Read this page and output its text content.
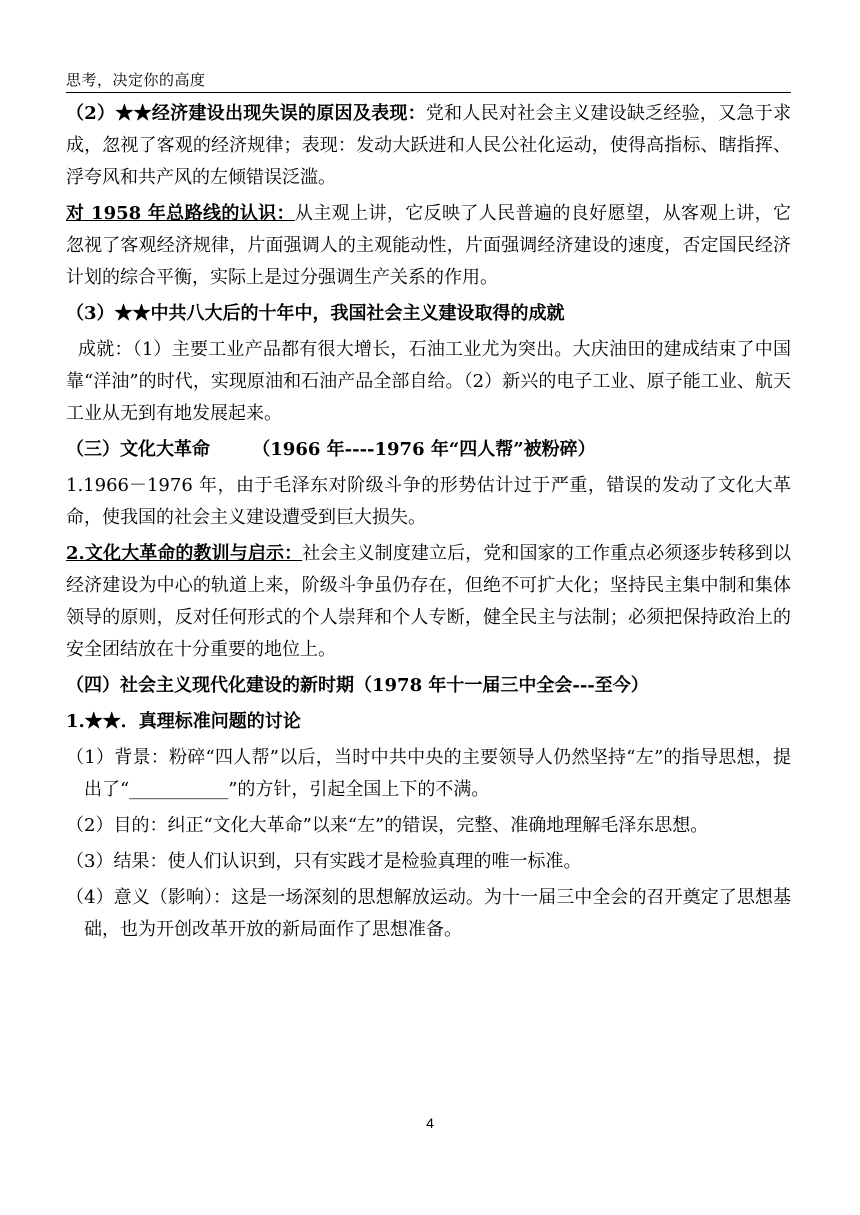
思考，决定你的高度

（2）★★经济建设出现失误的原因及表现：党和人民对社会主义建设缺乏经验，又急于求成，忽视了客观的经济规律；表现：发动大跃进和人民公社化运动，使得高指标、瞎指挥、浮夸风和共产风的左倾错误泛滥。

对 1958 年总路线的认识：从主观上讲，它反映了人民普遍的良好愿望，从客观上讲，它忽视了客观经济规律，片面强调人的主观能动性，片面强调经济建设的速度，否定国民经济计划的综合平衡，实际上是过分强调生产关系的作用。

（3）★★中共八大后的十年中，我国社会主义建设取得的成就

成就：（1）主要工业产品都有很大增长，石油工业尤为突出。大庆油田的建成结束了中国靠“洋油”的时代，实现原油和石油产品全部自给。（2）新兴的电子工业、原子能工业、航天工业从无到有地发展起来。

（三）文化大革命　　 （1966 年----1976 年“四人帮”被粉碎）

1.1966－1976 年，由于毛泽东对阶级斗争的形势估计过于严重，错误的发动了文化大革命，使我国的社会主义建设遭受到巨大损失。

2.文化大革命的教训与启示：社会主义制度建立后，党和国家的工作重点必须逐步转移到以经济建设为中心的轨道上来，阶级斗争虽仍存在，但绝不可扩大化；坚持民主集中制和集体领导的原则，反对任何形式的个人崇拜和个人专断，健全民主与法制；必须把保持政治上的安全团结放在十分重要的地位上。

（四）社会主义现代化建设的新时期（1978 年十一届三中全会---至今）

1.★★．真理标准问题的讨论

（1）背景：粉碎“四人帮”以后，当时中共中央的主要领导人仍然坚持“左”的指导思想，提出了“___________”的方针，引起全国上下的不满。

（2）目的：纠正“文化大革命”以来“左”的错误，完整、准确地理解毛泽东思想。

（3）结果：使人们认识到，只有实践才是检验真理的唯一标准。

（4）意义（影响）：这是一场深刻的思想解放运动。为十一届三中全会的召开奠定了思想基础，也为开创改革开放的新局面作了思想准备。

4
